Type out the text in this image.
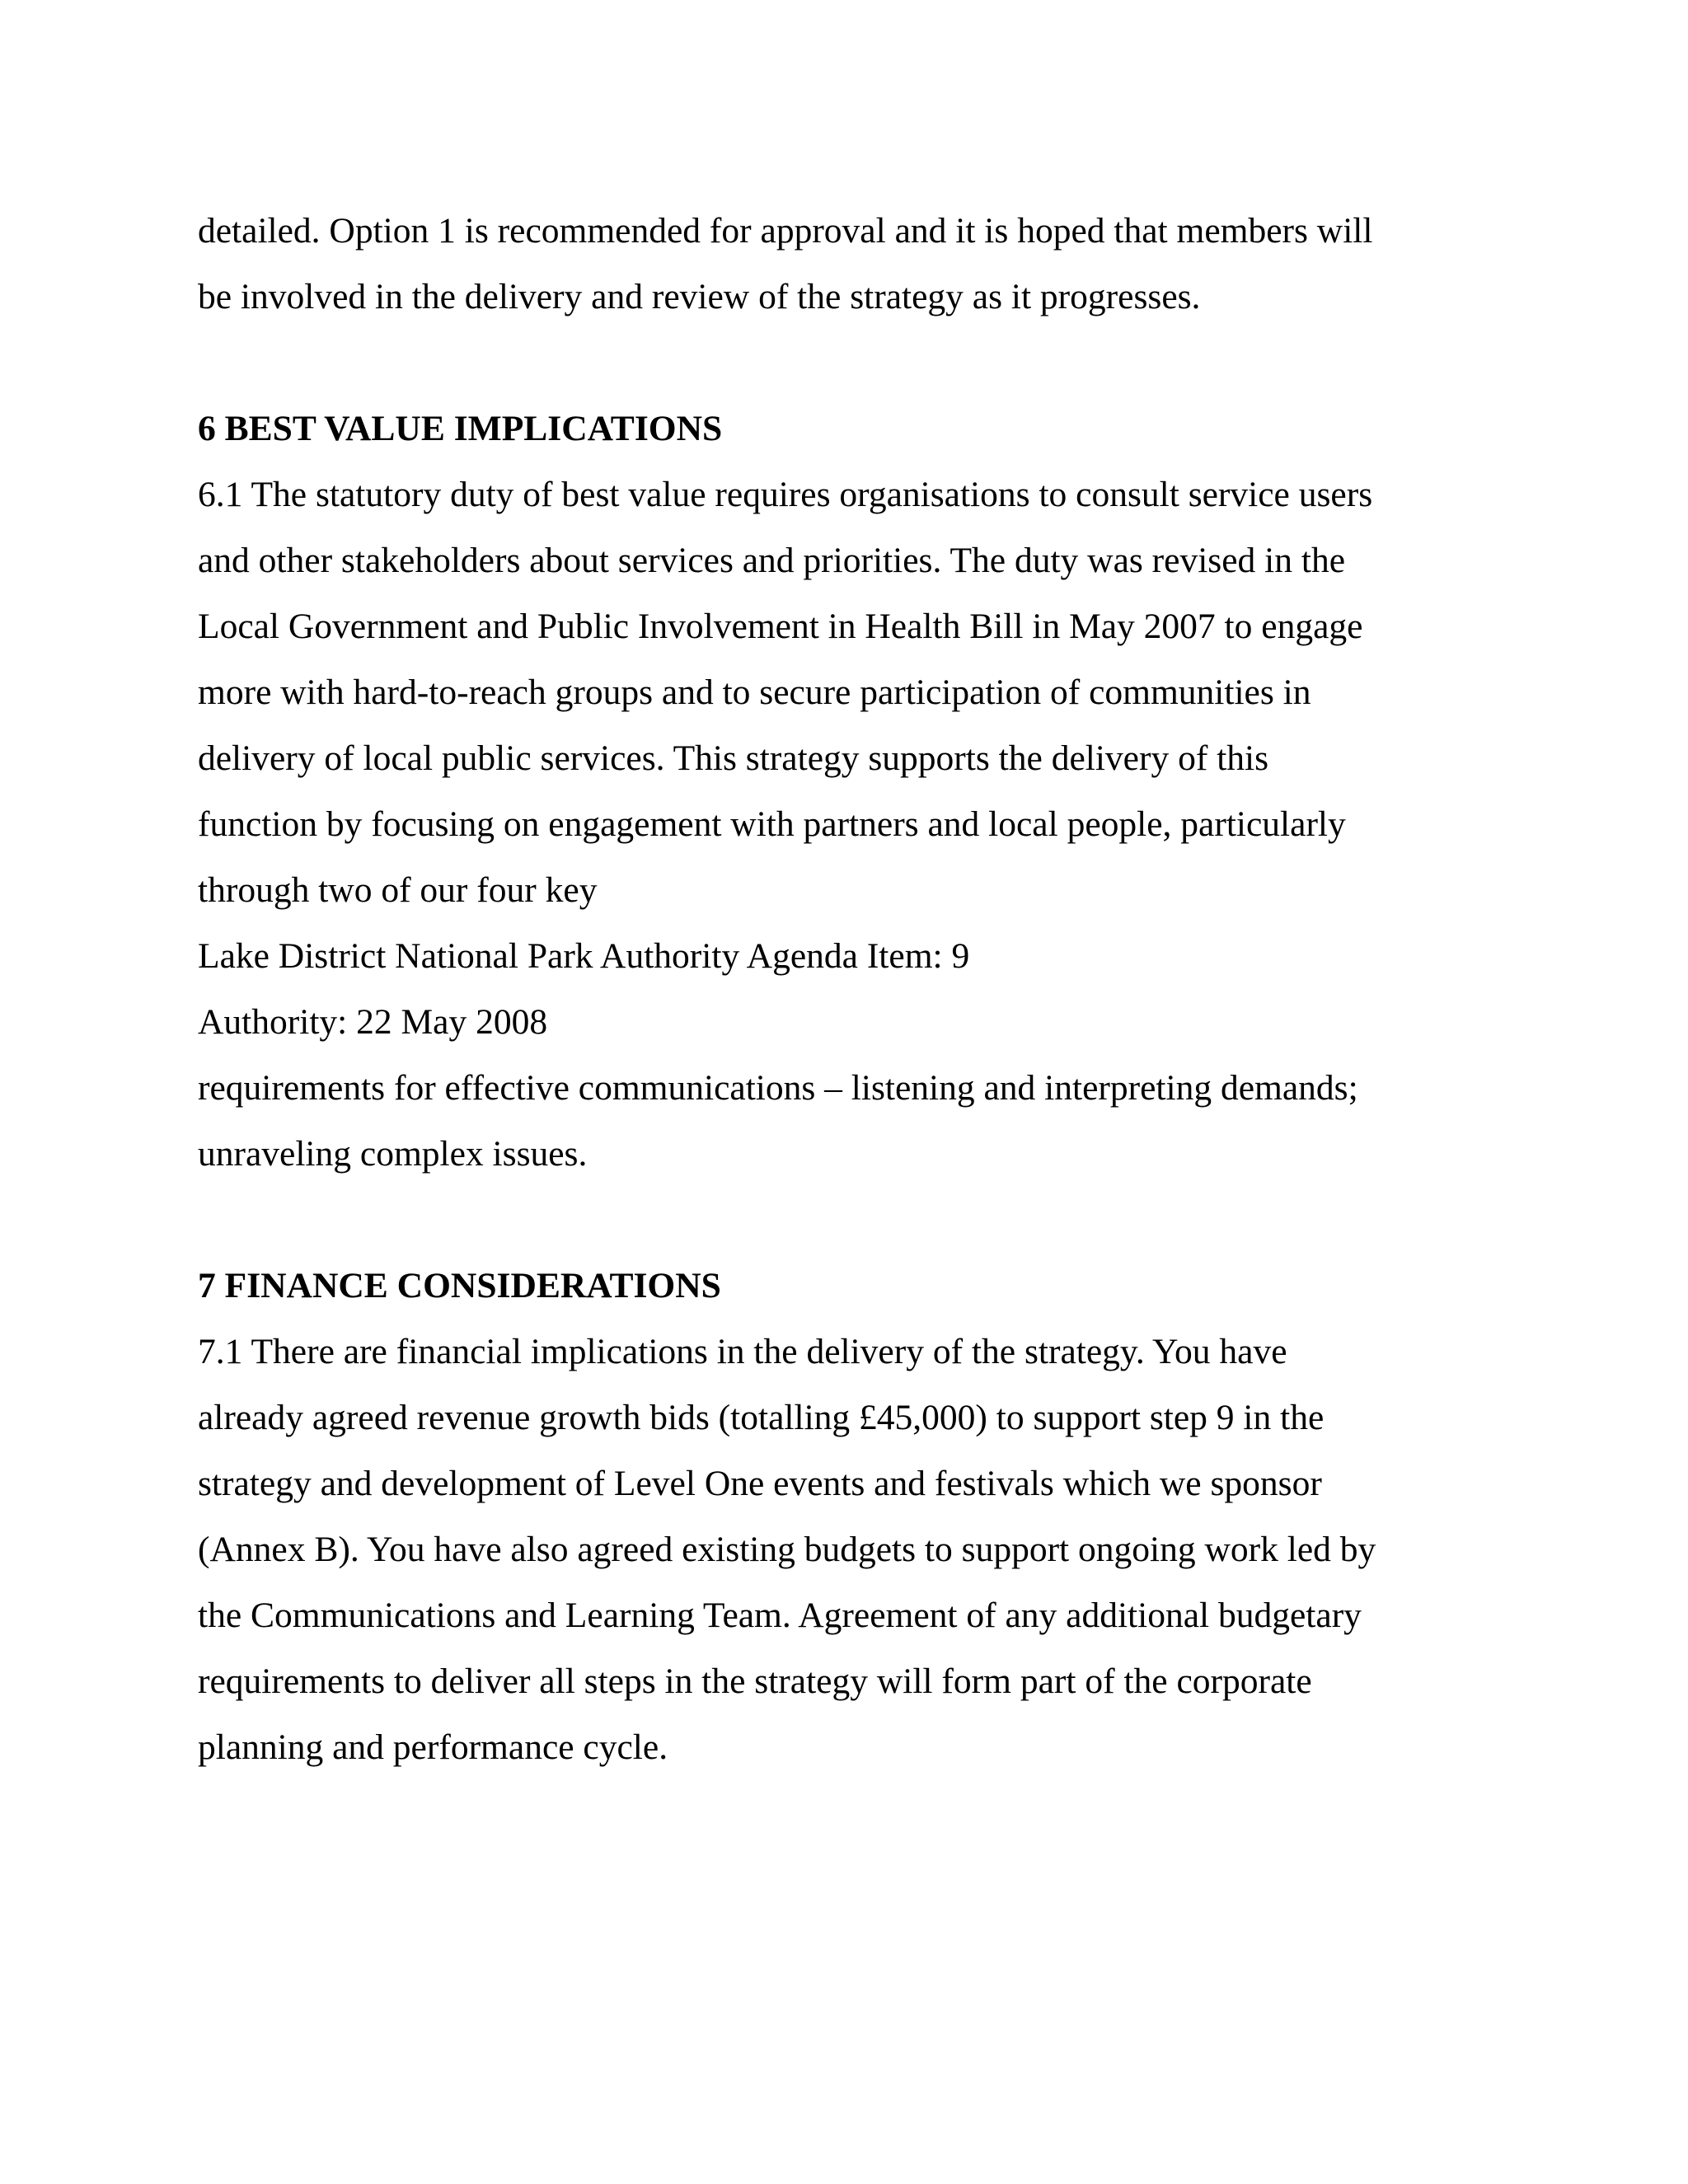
detailed. Option 1 is recommended for approval and it is hoped that members will
be involved in the delivery and review of the strategy as it progresses.
6 BEST VALUE IMPLICATIONS
6.1 The statutory duty of best value requires organisations to consult service users
and other stakeholders about services and priorities. The duty was revised in the
Local Government and Public Involvement in Health Bill in May 2007 to engage
more with hard-to-reach groups and to secure participation of communities in
delivery of local public services. This strategy supports the delivery of this
function by focusing on engagement with partners and local people, particularly
through two of our four key
Lake District National Park Authority Agenda Item: 9
Authority: 22 May 2008
requirements for effective communications – listening and interpreting demands;
unraveling complex issues.
7 FINANCE CONSIDERATIONS
7.1 There are financial implications in the delivery of the strategy. You have
already agreed revenue growth bids (totalling £45,000) to support step 9 in the
strategy and development of Level One events and festivals which we sponsor
(Annex B). You have also agreed existing budgets to support ongoing work led by
the Communications and Learning Team. Agreement of any additional budgetary
requirements to deliver all steps in the strategy will form part of the corporate
planning and performance cycle.
